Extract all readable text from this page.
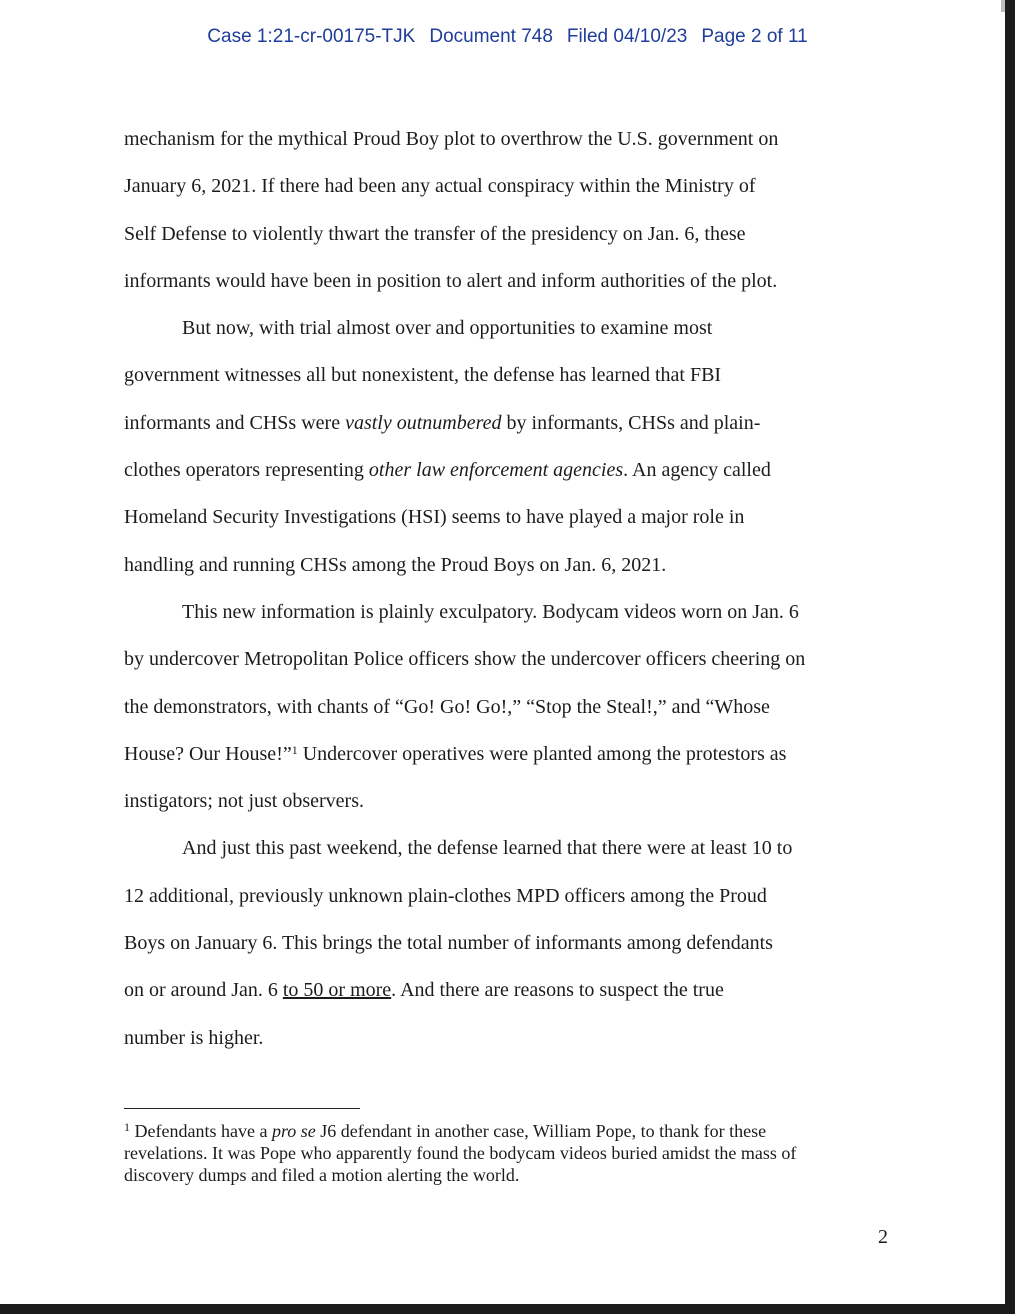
Case 1:21-cr-00175-TJK Document 748 Filed 04/10/23 Page 2 of 11
mechanism for the mythical Proud Boy plot to overthrow the U.S. government on
January 6, 2021. If there had been any actual conspiracy within the Ministry of
Self Defense to violently thwart the transfer of the presidency on Jan. 6, these
informants would have been in position to alert and inform authorities of the plot.
But now, with trial almost over and opportunities to examine most
government witnesses all but nonexistent, the defense has learned that FBI
informants and CHSs were vastly outnumbered by informants, CHSs and plain-
clothes operators representing other law enforcement agencies. An agency called
Homeland Security Investigations (HSI) seems to have played a major role in
handling and running CHSs among the Proud Boys on Jan. 6, 2021.
This new information is plainly exculpatory. Bodycam videos worn on Jan. 6
by undercover Metropolitan Police officers show the undercover officers cheering on
the demonstrators, with chants of “Go! Go! Go!,” “Stop the Steal!,” and “Whose
House? Our House!”$^1$ Undercover operatives were planted among the protestors as
instigators; not just observers.
And just this past weekend, the defense learned that there were at least 10 to
12 additional, previously unknown plain-clothes MPD officers among the Proud
Boys on January 6. This brings the total number of informants among defendants
on or around Jan. 6 to 50 or more. And there are reasons to suspect the true
number is higher.
$^1$ Defendants have a pro se J6 defendant in another case, William Pope, to thank for these
revelations. It was Pope who apparently found the bodycam videos buried amidst the mass of
discovery dumps and filed a motion alerting the world.
2
